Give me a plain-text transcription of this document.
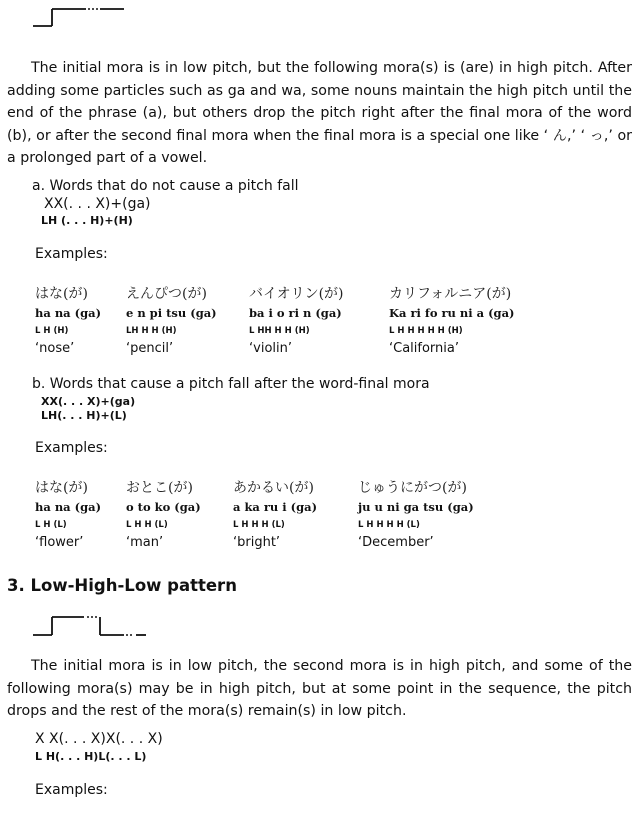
The initial mora is in low pitch, but the following mora(s) is (are) in high pitch. After adding some particles such as ga and wa, some nouns maintain the high pitch until the end of the phrase (a), but others drop the pitch right after the final mora of the word (b), or after the second final mora when the final mora is a special one like ‘ ん,’ ‘ っ,’ or a prolonged part of a vowel.
a. Words that do not cause a pitch fall
XX(. . . X)+(ga)
LH (. . . H)+(H)
Examples:
はな(が)
ha na (ga)
L H (H)
‘nose’
えんぴつ(が)
e n pi tsu (ga)
LH H H (H)
‘pencil’
バイオリン(が)
ba i o ri n (ga)
L HH H H (H)
‘violin’
カリフォルニア(が)
Ka ri fo ru ni a (ga)
L H H H H H (H)
‘California’
b. Words that cause a pitch fall after the word-final mora
XX(. . . X)+(ga)
LH(. . . H)+(L)
Examples:
はな(が)
ha na (ga)
L H (L)
‘flower’
おとこ(が)
o to ko (ga)
L H H (L)
‘man’
あかるい(が)
a ka ru i (ga)
L H H H (L)
‘bright’
じゅうにがつ(が)
ju u ni ga tsu (ga)
L H H H H (L)
‘December’
3. Low-High-Low pattern
The initial mora is in low pitch, the second mora is in high pitch, and some of the following mora(s) may be in high pitch, but at some point in the sequence, the pitch drops and the rest of the mora(s) remain(s) in low pitch.
X X(. . . X)X(. . . X)
L H(. . . H)L(. . . L)
Examples:
